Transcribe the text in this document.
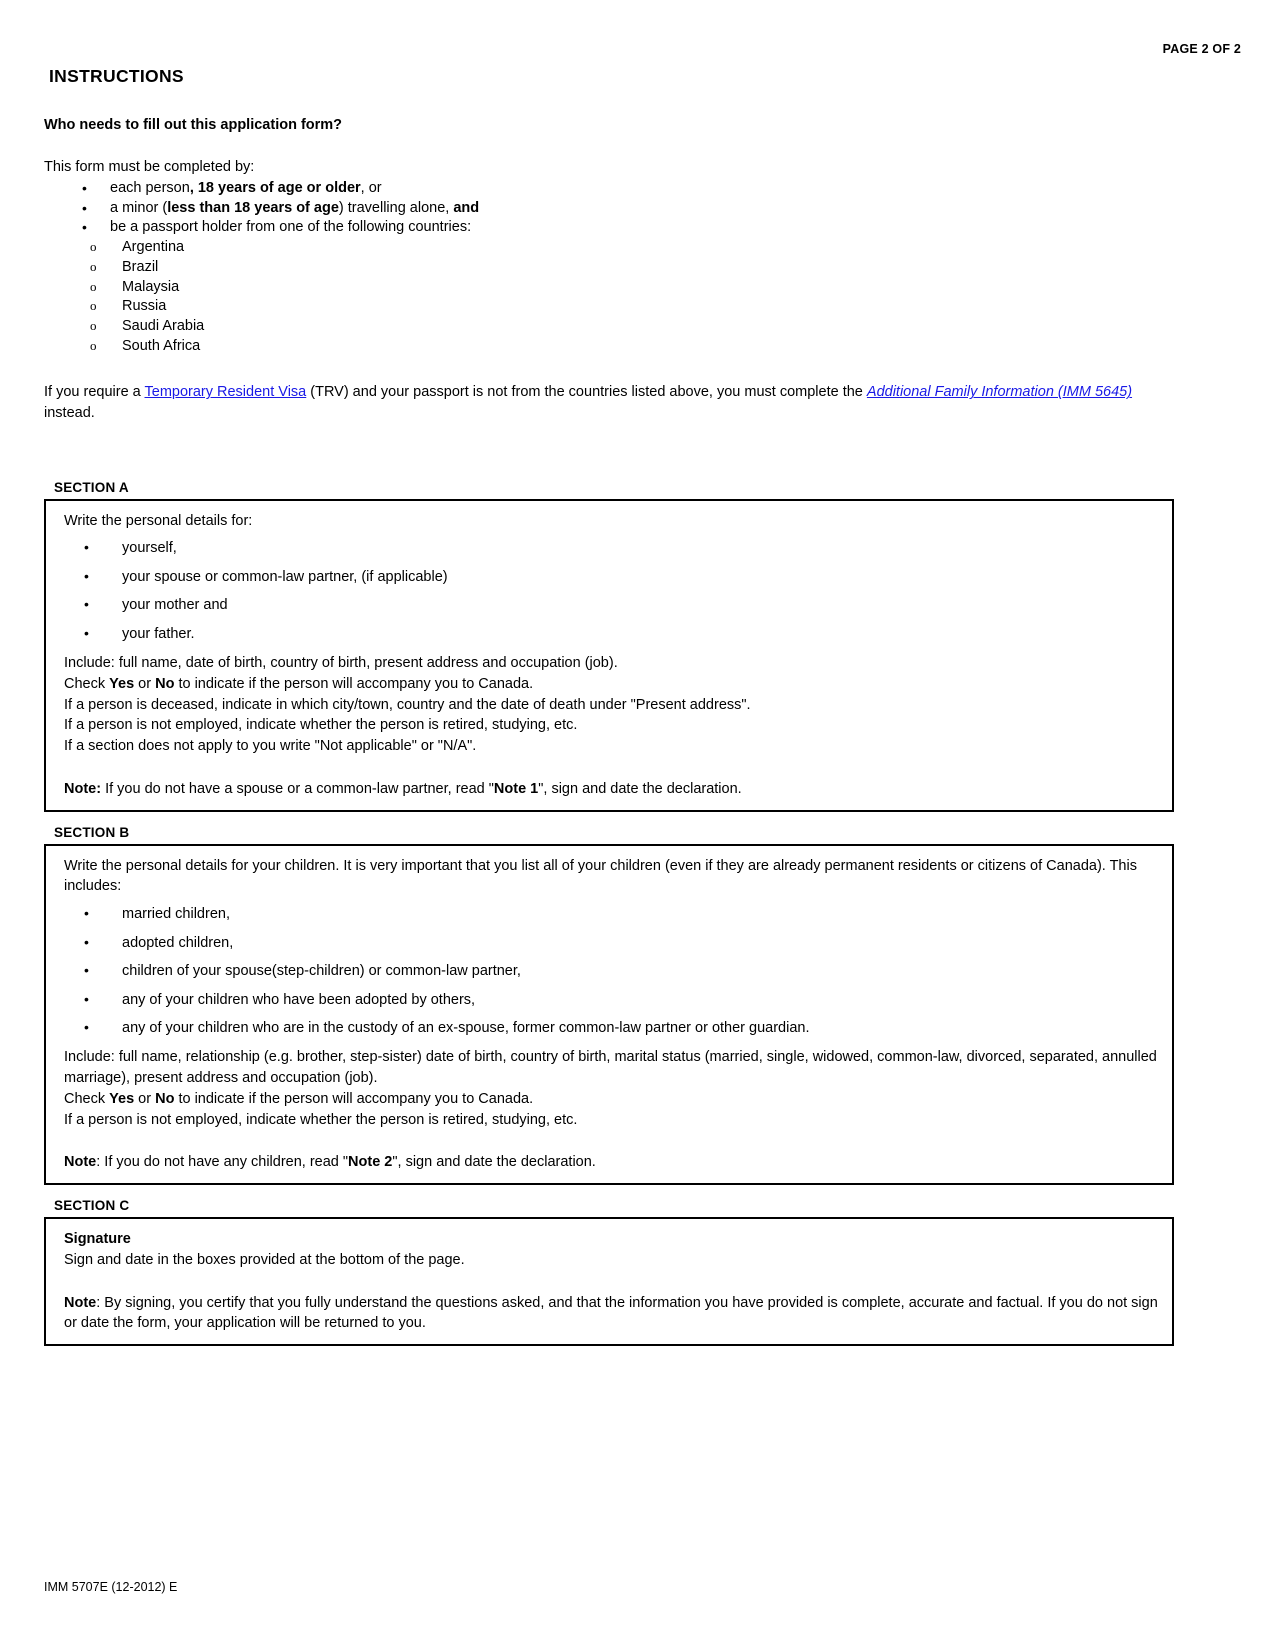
PAGE 2 OF 2
INSTRUCTIONS
Who needs to fill out this application form?

This form must be completed by:

• each person, 18 years of age or older, or
• a minor (less than 18 years of age) travelling alone, and
• be a passport holder from one of the following countries:
o Argentina
o Brazil
o Malaysia
o Russia
o Saudi Arabia
o South Africa

If you require a Temporary Resident Visa (TRV) and your passport is not from the countries listed above, you must complete the Additional Family Information (IMM 5645) instead.

SECTION A
Write the personal details for:
• yourself,
• your spouse or common-law partner, (if applicable)
• your mother and
• your father.
Include: full name, date of birth, country of birth, present address and occupation (job).
Check Yes or No to indicate if the person will accompany you to Canada.
If a person is deceased, indicate in which city/town, country and the date of death under "Present address".
If a person is not employed, indicate whether the person is retired, studying, etc.
If a section does not apply to you write "Not applicable" or "N/A".
Note: If you do not have a spouse or a common-law partner, read "Note 1", sign and date the declaration.
SECTION B
Write the personal details for your children. It is very important that you list all of your children (even if they are already permanent residents or citizens of Canada). This includes:
• married children,
• adopted children,
• children of your spouse(step-children) or common-law partner,
• any of your children who have been adopted by others,
• any of your children who are in the custody of an ex-spouse, former common-law partner or other guardian.
Include: full name, relationship (e.g. brother, step-sister) date of birth, country of birth, marital status (married, single, widowed, common-law, divorced, separated, annulled marriage), present address and occupation (job).
Check Yes or No to indicate if the person will accompany you to Canada.
If a person is not employed, indicate whether the person is retired, studying, etc.
Note: If you do not have any children, read "Note 2", sign and date the declaration.
SECTION C
Signature
Sign and date in the boxes provided at the bottom of the page.
Note: By signing, you certify that you fully understand the questions asked, and that the information you have provided is complete, accurate and factual. If you do not sign or date the form, your application will be returned to you.
IMM 5707E (12-2012) E
